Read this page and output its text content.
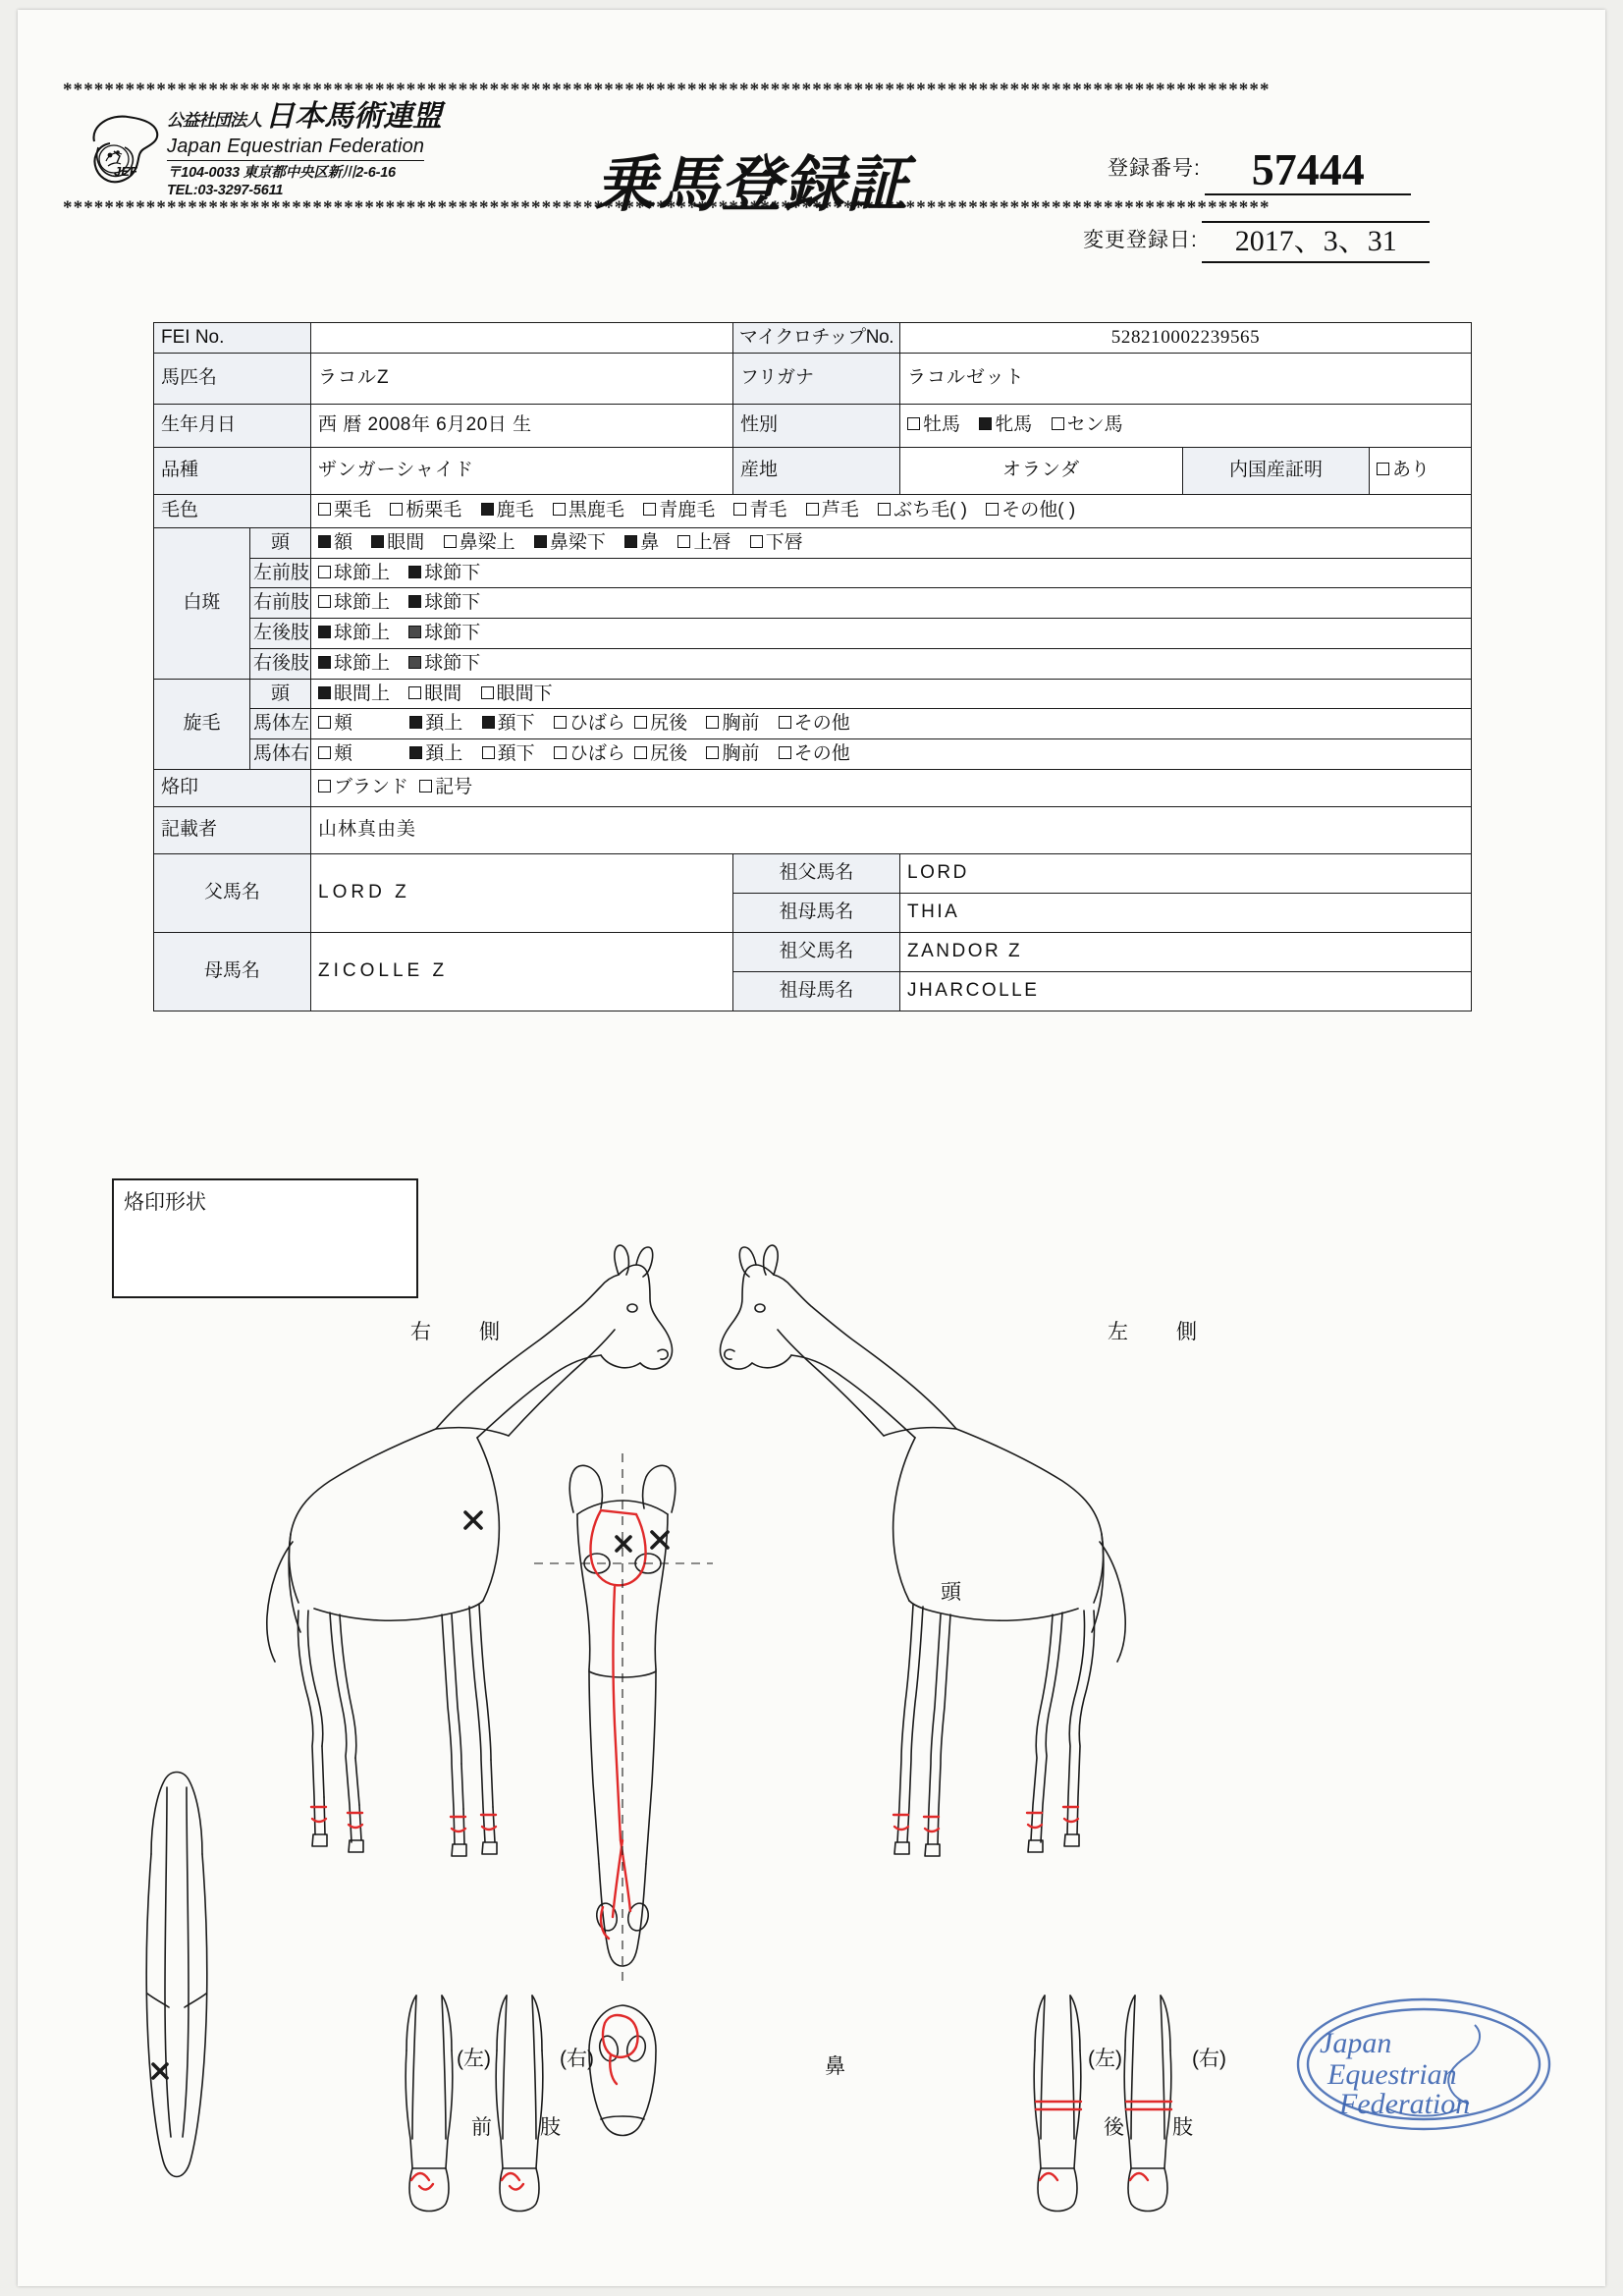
********************************************************************************************************************
********************************************************************************************************************
JEF
公益社団法人 日本馬術連盟
Japan Equestrian Federation
〒104-0033 東京都中央区新川2-6-16
TEL:03-3297-5611	乗馬登録証	登録番号: 57444
変更登録日: 2017、3、31
FEI No.			マイクロチップNo.	528210002239565		
馬匹名		ラコルZ	フリガナ	ラコルゼット		
生年月日		西 暦 2008年 6月20日 生	性別	牡馬 牝馬 セン馬		
品種		ザンガーシャイド	産地	オランダ	内国産証明	あり
毛色		栗毛 栃栗毛 鹿毛 黒鹿毛 青鹿毛 青毛 芦毛 ぶち毛( ) その他( )				
白斑	頭	額 眼間 鼻梁上 鼻梁下 鼻 上唇 下唇				
	左前肢	球節上 球節下				
	右前肢	球節上 球節下				
	左後肢	球節上 球節下				
	右後肢	球節上 球節下				
旋毛	頭	眼間上 眼間 眼間下				
	馬体左	頬 頚上 頚下 ひばら 尻後 胸前 その他				
	馬体右	頬 頚上 頚下 ひばら 尻後 胸前 その他				
烙印		ブランド 記号				
記載者		山林真由美				
父馬名		LORD Z	祖父馬名	LORD		
			祖母馬名	THIA		
母馬名		ZICOLLE Z	祖父馬名	ZANDOR Z		
			祖母馬名	JHARCOLLE		
烙印形状
右　側	左　側
頭
鼻
(左)	(右)
前　肢
(左)	(右)
後　肢
Japan
Equestrian
Federation
